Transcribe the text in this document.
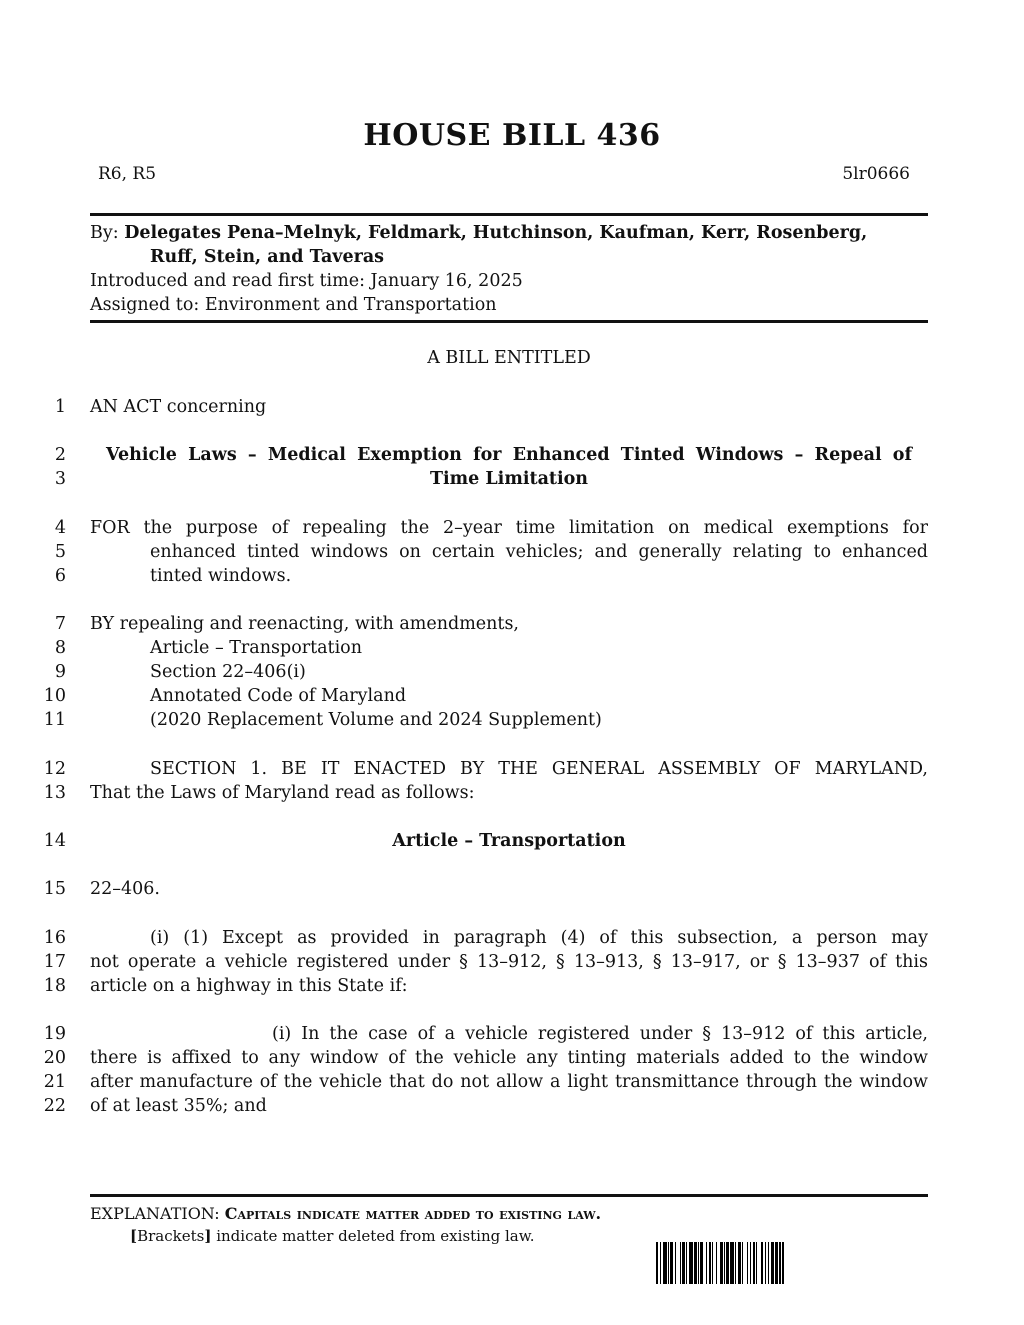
HOUSE BILL 436
R6, R5	5lr0666
By: Delegates Pena–Melnyk, Feldmark, Hutchinson, Kaufman, Kerr, Rosenberg,
Ruff, Stein, and Taveras
Introduced and read first time: January 16, 2025
Assigned to: Environment and Transportation
A BILL ENTITLED
1
2
3
4
5
6
7
8
9
10
11
12
13
14
15
16
17
18
19
20
21
22
AN ACT concerning
Vehicle Laws – Medical Exemption for Enhanced Tinted Windows – Repeal of
Time Limitation
FOR the purpose of repealing the 2–year time limitation on medical exemptions for
enhanced tinted windows on certain vehicles; and generally relating to enhanced
tinted windows.
BY repealing and reenacting, with amendments,
Article – Transportation
Section 22–406(i)
Annotated Code of Maryland
(2020 Replacement Volume and 2024 Supplement)
SECTION 1. BE IT ENACTED BY THE GENERAL ASSEMBLY OF MARYLAND,
That the Laws of Maryland read as follows:
Article – Transportation
22–406.
(i) (1) Except as provided in paragraph (4) of this subsection, a person may
not operate a vehicle registered under § 13–912, § 13–913, § 13–917, or § 13–937 of this
article on a highway in this State if:
(i) In the case of a vehicle registered under § 13–912 of this article,
there is affixed to any window of the vehicle any tinting materials added to the window
after manufacture of the vehicle that do not allow a light transmittance through the window
of at least 35%; and
EXPLANATION: Capitals indicate matter added to existing law.
[Brackets] indicate matter deleted from existing law.
